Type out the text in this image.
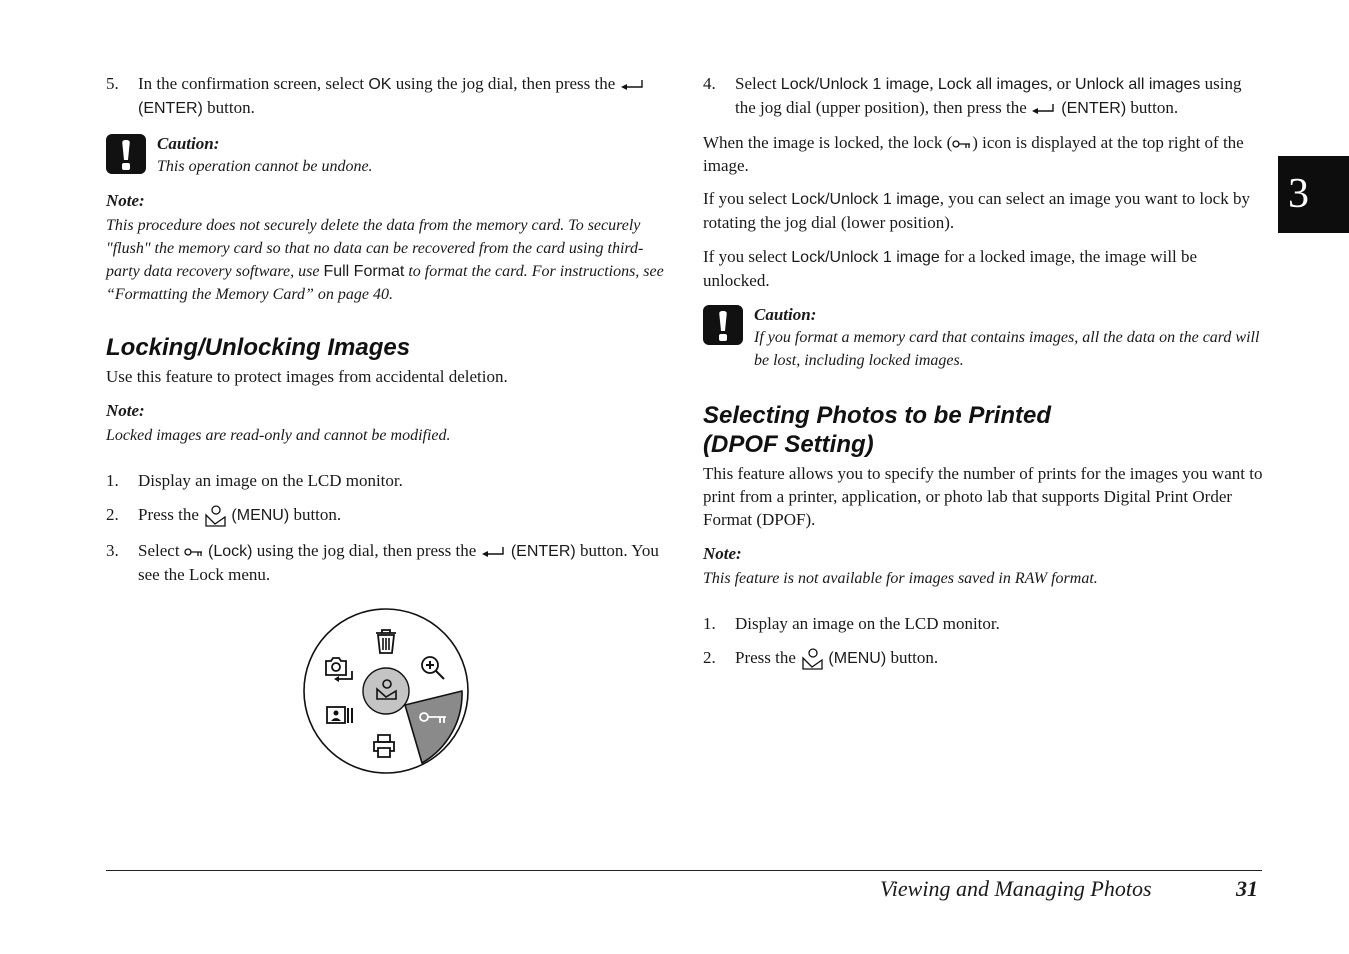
5.	In the confirmation screen, select OK using the jog dial, then press the  (ENTER) button.
Caution:
This operation cannot be undone.
Note:

This procedure does not securely delete the data from the memory card. To securely "flush" the memory card so that no data can be recovered from the card using third-party data recovery software, use Full Format to format the card. For instructions, see “Formatting the Memory Card” on page 40.

Locking/Unlocking Images

Use this feature to protect images from accidental deletion.

Note:

Locked images are read-only and cannot be modified.

1.	Display an image on the LCD monitor.
2.	Press the  (MENU) button.
3.	Select  (Lock) using the jog dial, then press the  (ENTER) button. You see the Lock menu.
4.	Select Lock/Unlock 1 image, Lock all images, or Unlock all images using the jog dial (upper position), then press the  (ENTER) button.

When the image is locked, the lock ( ) icon is displayed at the top right of the image.

If you select Lock/Unlock 1 image, you can select an image you want to lock by rotating the jog dial (lower position).

If you select Lock/Unlock 1 image for a locked image, the image will be unlocked.

Caution:
If you format a memory card that contains images, all the data on the card will be lost, including locked images.
Selecting Photos to be Printed
(DPOF Setting)

This feature allows you to specify the number of prints for the images you want to print from a printer, application, or photo lab that supports Digital Print Order Format (DPOF).

Note:

This feature is not available for images saved in RAW format.

1.	Display an image on the LCD monitor.
2.	Press the  (MENU) button.
3
Viewing and Managing Photos	31
